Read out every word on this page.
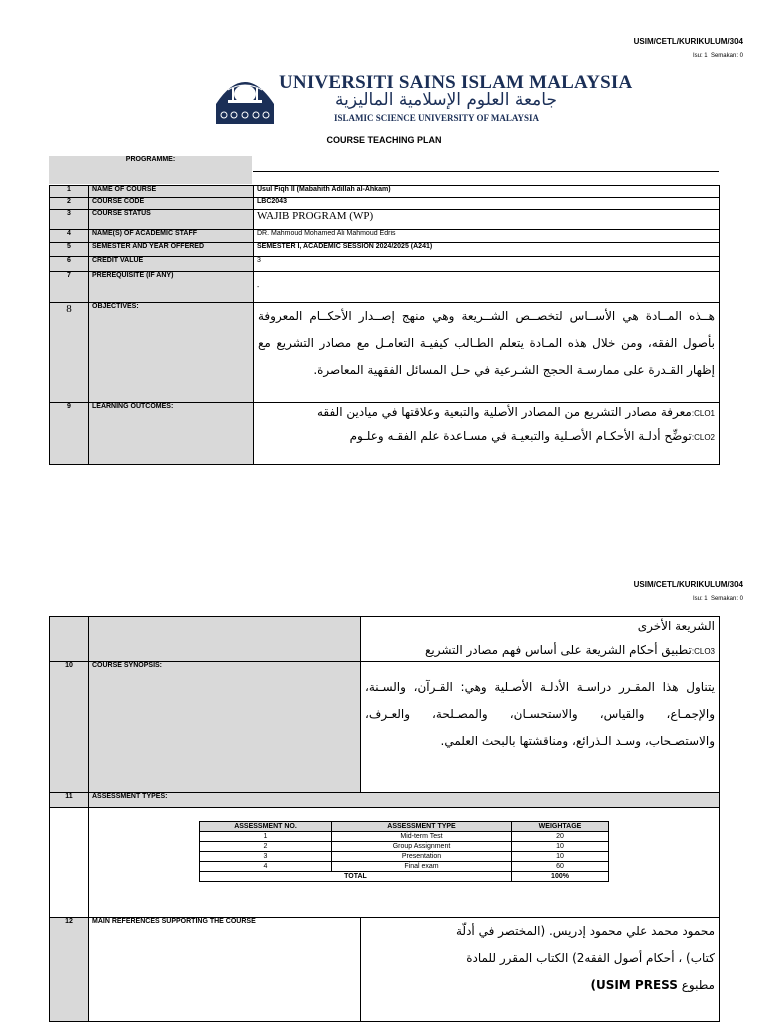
USIM/CETL/KURIKULUM/304
Isu: 1 Semakan: 0
UNIVERSITI SAINS ISLAM MALAYSIA
جامعة العلوم الإسلامية الماليزية
ISLAMIC SCIENCE UNIVERSITY OF MALAYSIA
COURSE TEACHING PLAN
PROGRAMME:
1	NAME OF COURSE	Usul Fiqh II (Mabahith Adillah al-Ahkam)
2	COURSE CODE	LBC2043
3	COURSE STATUS	WAJIB PROGRAM (WP)
4	NAME(S) OF ACADEMIC STAFF	DR. Mahmoud Mohamed Ali Mahmoud Edris
5	SEMESTER AND YEAR OFFERED	SEMESTER I, ACADEMIC SESSION 2024/2025 (A241)
6	CREDIT VALUE	3
7	PREREQUISITE (IF ANY)	-
8	OBJECTIVES:	هــذه المــادة هي الأســاس لتخصــص الشــريعة وهي منهج إصــدار الأحكــام المعروفة بأصول الفقه، ومن خلال هذه المـادة يتعلم الطـالب كيفيـة التعامـل مع مصادر التشريع مع إظهار القـدرة على ممارسـة الحجج الشـرعية في حـل المسائل الفقهية المعاصرة.
9	LEARNING OUTCOMES:	CLO1:معرفة مصادر التشريع من المصادر الأصلية والتبعية وعلاقتها في ميادين الفقه
CLO2:توضِّح أدلـة الأحكـام الأصـلية والتبعيـة في مسـاعدة علم الفقـه وعلـوم
USIM/CETL/KURIKULUM/304
Isu: 1 Semakan: 0

الشريعة الأخرى
CLO3:تطبيق أحكام الشريعة على أساس فهم مصادر التشريع

10	COURSE SYNOPSIS:	يتناول هذا المقـرر دراسـة الأدلـة الأصـلية وهي: القـرآن، والسـنة، والإجمـاع، والقياس، والاستحسـان، والمصـلحة، والعـرف، والاستصـحاب، وسـد الـذرائع، ومناقشتها بالبحث العلمي.
11	ASSESSMENT TYPES:

ASSESSMENT NO.	ASSESSMENT TYPE	WEIGHTAGE
1	Mid-term Test	20
2	Group Assignment	10
3	Presentation	10
4	Final exam	60
TOTAL	100%

12	MAIN REFERENCES SUPPORTING THE COURSE	
محمود محمد علي محمود إدريس. (المختصر في أدلّة
كتاب) ، أحكام أصول الفقه2) الكتاب المقرر للمادة
مطبوع USIM PRESS)
